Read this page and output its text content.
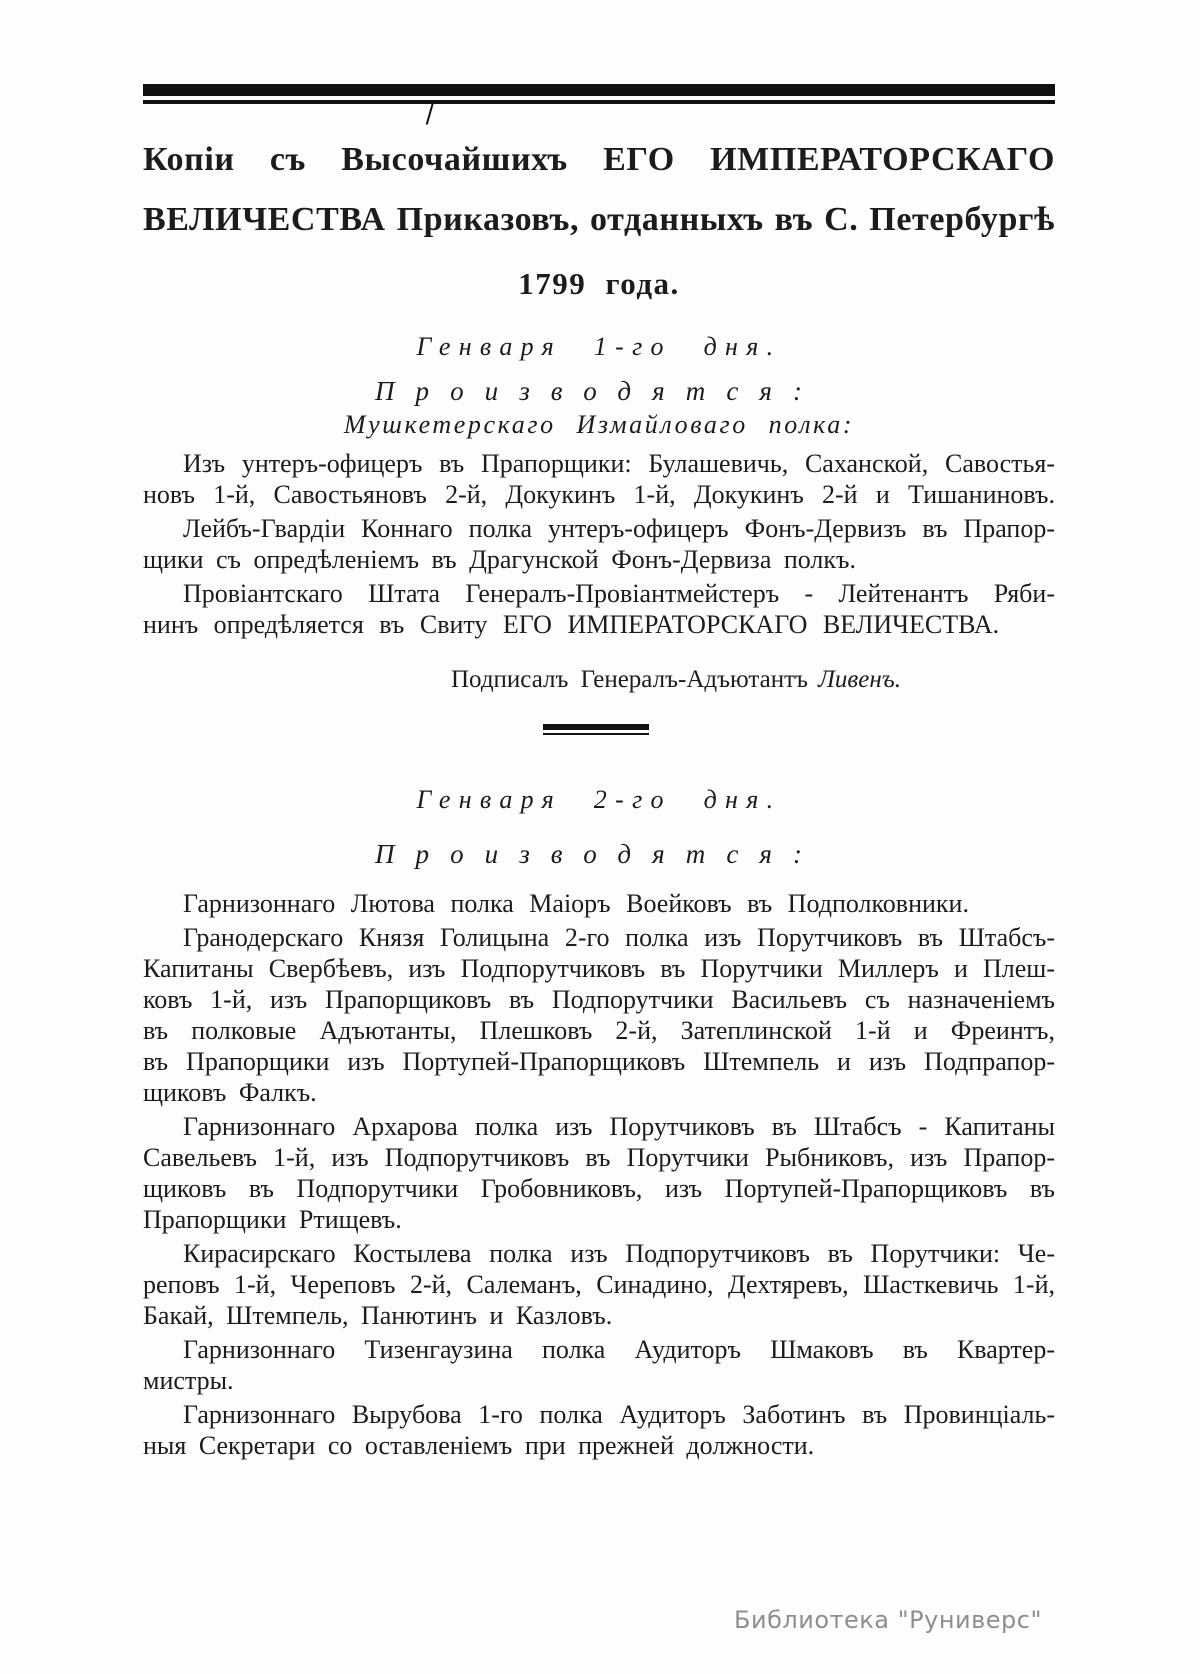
Копіи съ Высочайшихъ ЕГО ИМПЕРАТОРСКАГО
ВЕЛИЧЕСТВА Приказовъ, отданныхъ въ С. Петербургѣ
1799 года.
Генваря 1-го дня.
Производятся:
Мушкетерскаго Измайловаго полка:
Изъ унтеръ-офицеръ въ Прапорщики: Булашевичь, Саханской, Савостья-
новъ 1-й, Савостьяновъ 2-й, Докукинъ 1-й, Докукинъ 2-й и Тишаниновъ.
Лейбъ-Гвардіи Коннаго полка унтеръ-офицеръ Фонъ-Дервизъ въ Прапор-
щики съ опредѣленіемъ въ Драгунской Фонъ-Дервиза полкъ.
Провіантскаго Штата Генералъ-Провіантмейстеръ - Лейтенантъ Ряби-
нинъ опредѣляется въ Свиту ЕГО ИМПЕРАТОРСКАГО ВЕЛИЧЕСТВА.
Подписалъ Генералъ-Адъютантъ Ливенъ.
Генваря 2-го дня.
Производятся:
Гарнизоннаго Лютова полка Маіоръ Воейковъ въ Подполковники.
Гранодерскаго Князя Голицына 2-го полка изъ Порутчиковъ въ Штабсъ-
Капитаны Свербѣевъ, изъ Подпорутчиковъ въ Порутчики Миллеръ и Плеш-
ковъ 1-й, изъ Прапорщиковъ въ Подпорутчики Васильевъ съ назначеніемъ
въ полковые Адъютанты, Плешковъ 2-й, Затеплинской 1-й и Фреинтъ,
въ Прапорщики изъ Портупей-Прапорщиковъ Штемпель и изъ Подпрапор-
щиковъ Фалкъ.
Гарнизоннаго Архарова полка изъ Порутчиковъ въ Штабсъ - Капитаны
Савельевъ 1-й, изъ Подпорутчиковъ въ Порутчики Рыбниковъ, изъ Прапор-
щиковъ въ Подпорутчики Гробовниковъ, изъ Портупей-Прапорщиковъ въ
Прапорщики Ртищевъ.
Кирасирскаго Костылева полка изъ Подпорутчиковъ въ Порутчики: Че-
реповъ 1-й, Череповъ 2-й, Салеманъ, Синадино, Дехтяревъ, Шасткевичь 1-й,
Бакай, Штемпель, Панютинъ и Казловъ.
Гарнизоннаго Тизенгаузина полка Аудиторъ Шмаковъ въ Квартер-
мистры.
Гарнизоннаго Вырубова 1-го полка Аудиторъ Заботинъ въ Провинціаль-
ныя Секретари со оставленіемъ при прежней должности.
Библиотека "Руниверс"
